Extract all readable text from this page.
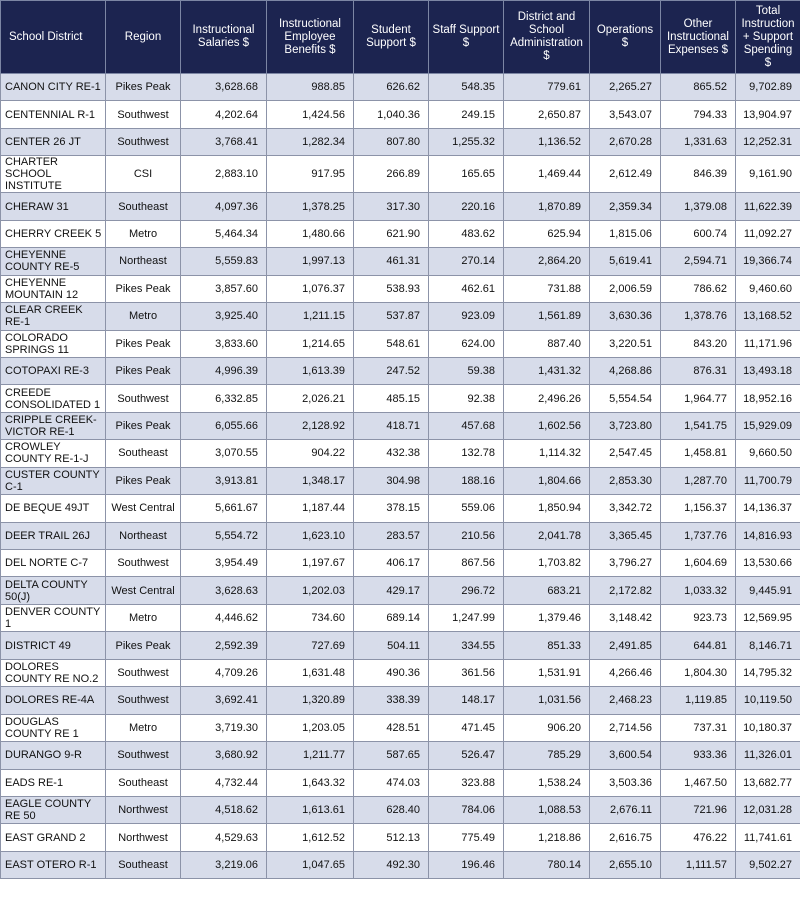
School District	Region	Instructional Salaries $	Instructional Employee Benefits $	Student Support $	Staff Support $	District and School Administration $	Operations $	Other Instructional Expenses $	Total Instruction + Support Spending $
CANON CITY RE-1	Pikes Peak	3,628.68	988.85	626.62	548.35	779.61	2,265.27	865.52	9,702.89
CENTENNIAL R-1	Southwest	4,202.64	1,424.56	1,040.36	249.15	2,650.87	3,543.07	794.33	13,904.97
CENTER 26 JT	Southwest	3,768.41	1,282.34	807.80	1,255.32	1,136.52	2,670.28	1,331.63	12,252.31
CHARTER SCHOOL INSTITUTE	CSI	2,883.10	917.95	266.89	165.65	1,469.44	2,612.49	846.39	9,161.90
CHERAW 31	Southeast	4,097.36	1,378.25	317.30	220.16	1,870.89	2,359.34	1,379.08	11,622.39
CHERRY CREEK 5	Metro	5,464.34	1,480.66	621.90	483.62	625.94	1,815.06	600.74	11,092.27
CHEYENNE COUNTY RE-5	Northeast	5,559.83	1,997.13	461.31	270.14	2,864.20	5,619.41	2,594.71	19,366.74
CHEYENNE MOUNTAIN 12	Pikes Peak	3,857.60	1,076.37	538.93	462.61	731.88	2,006.59	786.62	9,460.60
CLEAR CREEK RE-1	Metro	3,925.40	1,211.15	537.87	923.09	1,561.89	3,630.36	1,378.76	13,168.52
COLORADO SPRINGS 11	Pikes Peak	3,833.60	1,214.65	548.61	624.00	887.40	3,220.51	843.20	11,171.96
COTOPAXI RE-3	Pikes Peak	4,996.39	1,613.39	247.52	59.38	1,431.32	4,268.86	876.31	13,493.18
CREEDE CONSOLIDATED 1	Southwest	6,332.85	2,026.21	485.15	92.38	2,496.26	5,554.54	1,964.77	18,952.16
CRIPPLE CREEK-VICTOR RE-1	Pikes Peak	6,055.66	2,128.92	418.71	457.68	1,602.56	3,723.80	1,541.75	15,929.09
CROWLEY COUNTY RE-1-J	Southeast	3,070.55	904.22	432.38	132.78	1,114.32	2,547.45	1,458.81	9,660.50
CUSTER COUNTY C-1	Pikes Peak	3,913.81	1,348.17	304.98	188.16	1,804.66	2,853.30	1,287.70	11,700.79
DE BEQUE 49JT	West Central	5,661.67	1,187.44	378.15	559.06	1,850.94	3,342.72	1,156.37	14,136.37
DEER TRAIL 26J	Northeast	5,554.72	1,623.10	283.57	210.56	2,041.78	3,365.45	1,737.76	14,816.93
DEL NORTE C-7	Southwest	3,954.49	1,197.67	406.17	867.56	1,703.82	3,796.27	1,604.69	13,530.66
DELTA COUNTY 50(J)	West Central	3,628.63	1,202.03	429.17	296.72	683.21	2,172.82	1,033.32	9,445.91
DENVER COUNTY 1	Metro	4,446.62	734.60	689.14	1,247.99	1,379.46	3,148.42	923.73	12,569.95
DISTRICT 49	Pikes Peak	2,592.39	727.69	504.11	334.55	851.33	2,491.85	644.81	8,146.71
DOLORES COUNTY RE NO.2	Southwest	4,709.26	1,631.48	490.36	361.56	1,531.91	4,266.46	1,804.30	14,795.32
DOLORES RE-4A	Southwest	3,692.41	1,320.89	338.39	148.17	1,031.56	2,468.23	1,119.85	10,119.50
DOUGLAS COUNTY RE 1	Metro	3,719.30	1,203.05	428.51	471.45	906.20	2,714.56	737.31	10,180.37
DURANGO 9-R	Southwest	3,680.92	1,211.77	587.65	526.47	785.29	3,600.54	933.36	11,326.01
EADS RE-1	Southeast	4,732.44	1,643.32	474.03	323.88	1,538.24	3,503.36	1,467.50	13,682.77
EAGLE COUNTY RE 50	Northwest	4,518.62	1,613.61	628.40	784.06	1,088.53	2,676.11	721.96	12,031.28
EAST GRAND 2	Northwest	4,529.63	1,612.52	512.13	775.49	1,218.86	2,616.75	476.22	11,741.61
EAST OTERO R-1	Southeast	3,219.06	1,047.65	492.30	196.46	780.14	2,655.10	1,111.57	9,502.27
